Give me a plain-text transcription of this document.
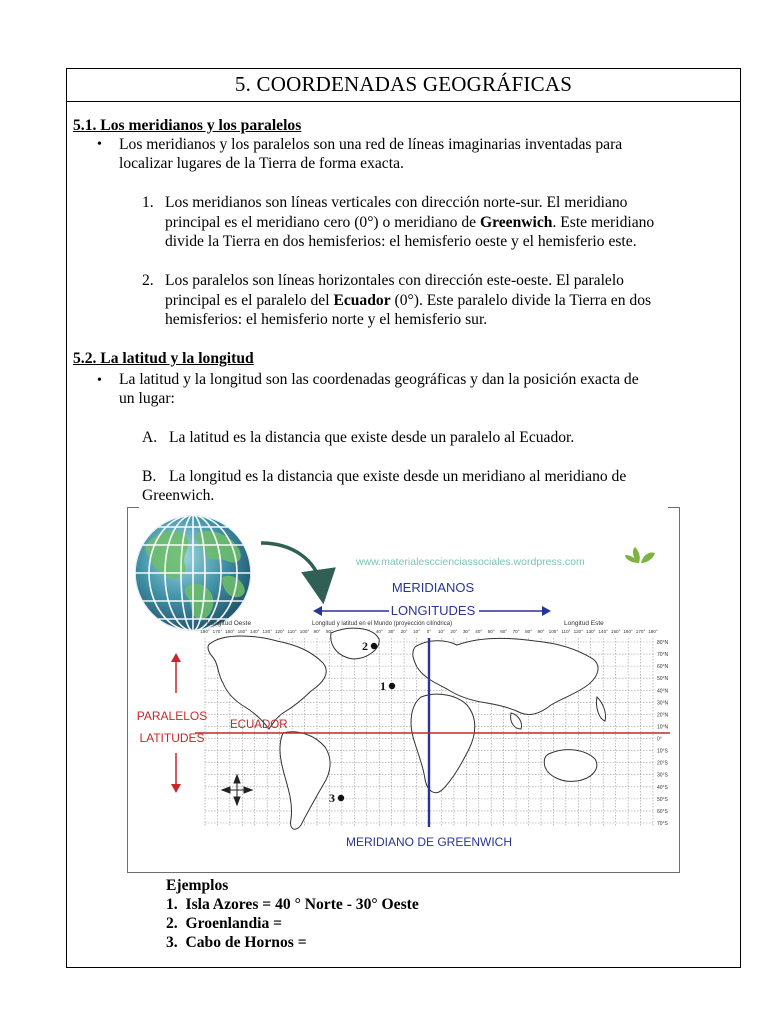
5. COORDENADAS GEOGRÁFICAS
5.1. Los meridianos y los paralelos
• Los meridianos y los paralelos son una red de líneas imaginarias inventadas para
localizar lugares de la Tierra de forma exacta.
1. Los meridianos son líneas verticales con dirección norte-sur. El meridiano
principal es el meridiano cero (0°) o meridiano de Greenwich. Este meridiano
divide la Tierra en dos hemisferios: el hemisferio oeste y el hemisferio este.
2. Los paralelos son líneas horizontales con dirección este-oeste. El paralelo
principal es el paralelo del Ecuador (0°). Este paralelo divide la Tierra en dos
hemisferios: el hemisferio norte y el hemisferio sur.
5.2. La latitud y la longitud
• La latitud y la longitud son las coordenadas geográficas y dan la posición exacta de
un lugar:
A. La latitud es la distancia que existe desde un paralelo al Ecuador.
B. La longitud es la distancia que existe desde un meridiano al meridiano de
Greenwich.
www.materialesccienciassociales.wordpress.com
MERIDIANOS
LONGITUDES
Longitud Oeste	Longitud y latitud en el Mundo (proyección cilíndrica)	Longitud Este
180° 170° 160° 150° 140° 130° 120° 110° 100° 90° 80°	40° 30° 20° 10° 0° 10° 20° 30° 40° 50° 60° 70° 80° 90° 100° 110° 120° 130° 140° 150° 160° 170° 180°
80°N
70°N
60°N
50°N
40°N
30°N
20°N
10°N
0°
10°S
20°S
30°S
40°S
50°S
60°S
70°S
ECUADOR
PARALELOS
LATITUDES
2
1
3
MERIDIANO DE GREENWICH
Ejemplos
1. Isla Azores = 40 ° Norte - 30° Oeste
2. Groenlandia =
3. Cabo de Hornos =
